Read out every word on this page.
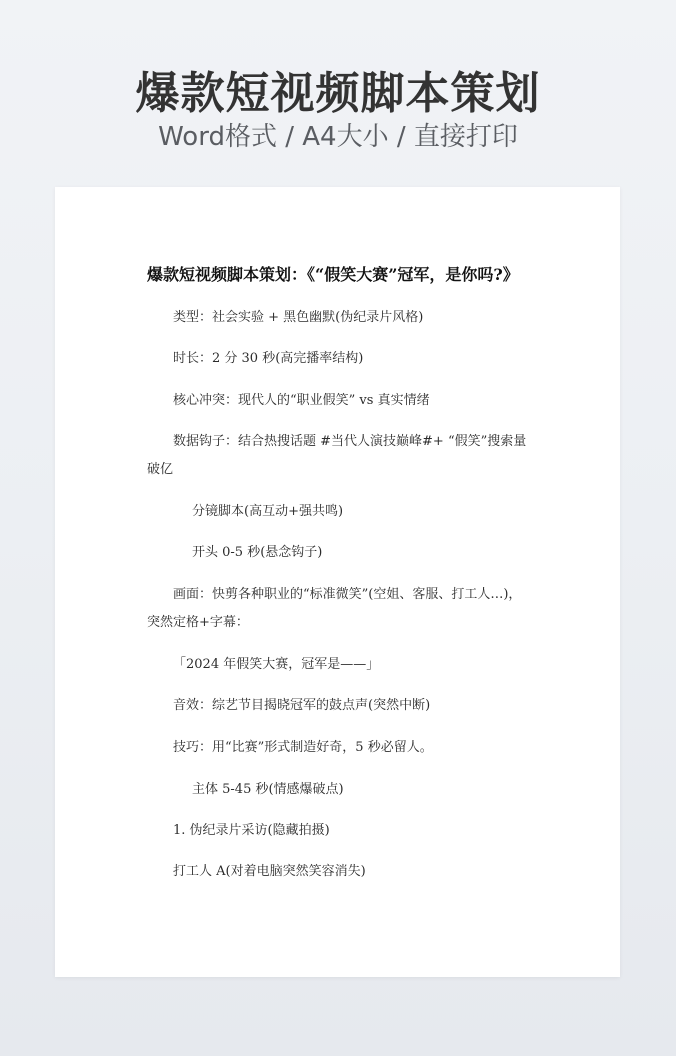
爆款短视频脚本策划
Word格式 / A4大小 / 直接打印
爆款短视频脚本策划：《“假笑大赛”冠军，是你吗?》
类型：社会实验 + 黑色幽默(伪纪录片风格)
时长：2 分 30 秒(高完播率结构)
核心冲突：现代人的“职业假笑” vs 真实情绪
数据钩子：结合热搜话题 #当代人演技巅峰#+ “假笑”搜索量
破亿
分镜脚本(高互动+强共鸣)
开头 0-5 秒(悬念钩子)
画面：快剪各种职业的“标准微笑”(空姐、客服、打工人…)，
突然定格+字幕：
「2024 年假笑大赛，冠军是——」
音效：综艺节目揭晓冠军的鼓点声(突然中断)
技巧：用“比赛”形式制造好奇，5 秒必留人。
主体 5-45 秒(情感爆破点)
1. 伪纪录片采访(隐藏拍摄)
打工人 A(对着电脑突然笑容消失)
